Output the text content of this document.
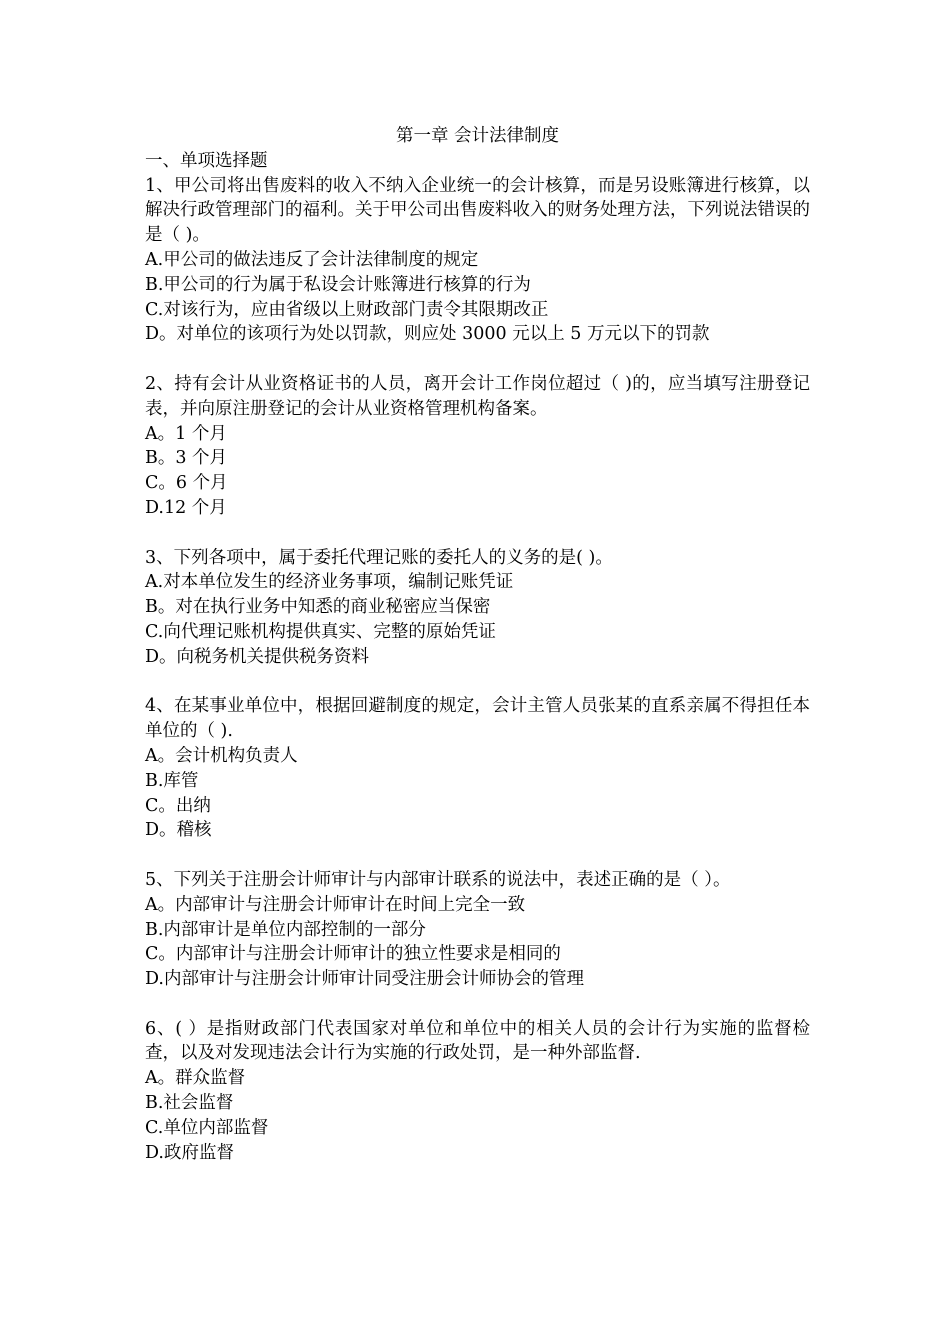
第一章 会计法律制度

一、单项选择题

1、甲公司将出售废料的收入不纳入企业统一的会计核算，而是另设账簿进行核算，以解决行政管理部门的福利。关于甲公司出售废料收入的财务处理方法，下列说法错误的是（ )。

A.甲公司的做法违反了会计法律制度的规定

B.甲公司的行为属于私设会计账簿进行核算的行为

C.对该行为，应由省级以上财政部门责令其限期改正

D。对单位的该项行为处以罚款，则应处 3000 元以上 5 万元以下的罚款

2、持有会计从业资格证书的人员，离开会计工作岗位超过（ )的，应当填写注册登记表，并向原注册登记的会计从业资格管理机构备案。

A。1 个月

B。3 个月

C。6 个月

D.12 个月

3、下列各项中，属于委托代理记账的委托人的义务的是( )。

A.对本单位发生的经济业务事项，编制记账凭证

B。对在执行业务中知悉的商业秘密应当保密

C.向代理记账机构提供真实、完整的原始凭证

D。向税务机关提供税务资料

4、在某事业单位中，根据回避制度的规定，会计主管人员张某的直系亲属不得担任本单位的（ ).

A。会计机构负责人

B.库管

C。出纳

D。稽核

5、下列关于注册会计师审计与内部审计联系的说法中，表述正确的是（ ）。

A。内部审计与注册会计师审计在时间上完全一致

B.内部审计是单位内部控制的一部分

C。内部审计与注册会计师审计的独立性要求是相同的

D.内部审计与注册会计师审计同受注册会计师协会的管理

6、( ）是指财政部门代表国家对单位和单位中的相关人员的会计行为实施的监督检查，以及对发现违法会计行为实施的行政处罚，是一种外部监督.

A。群众监督

B.社会监督

C.单位内部监督

D.政府监督
